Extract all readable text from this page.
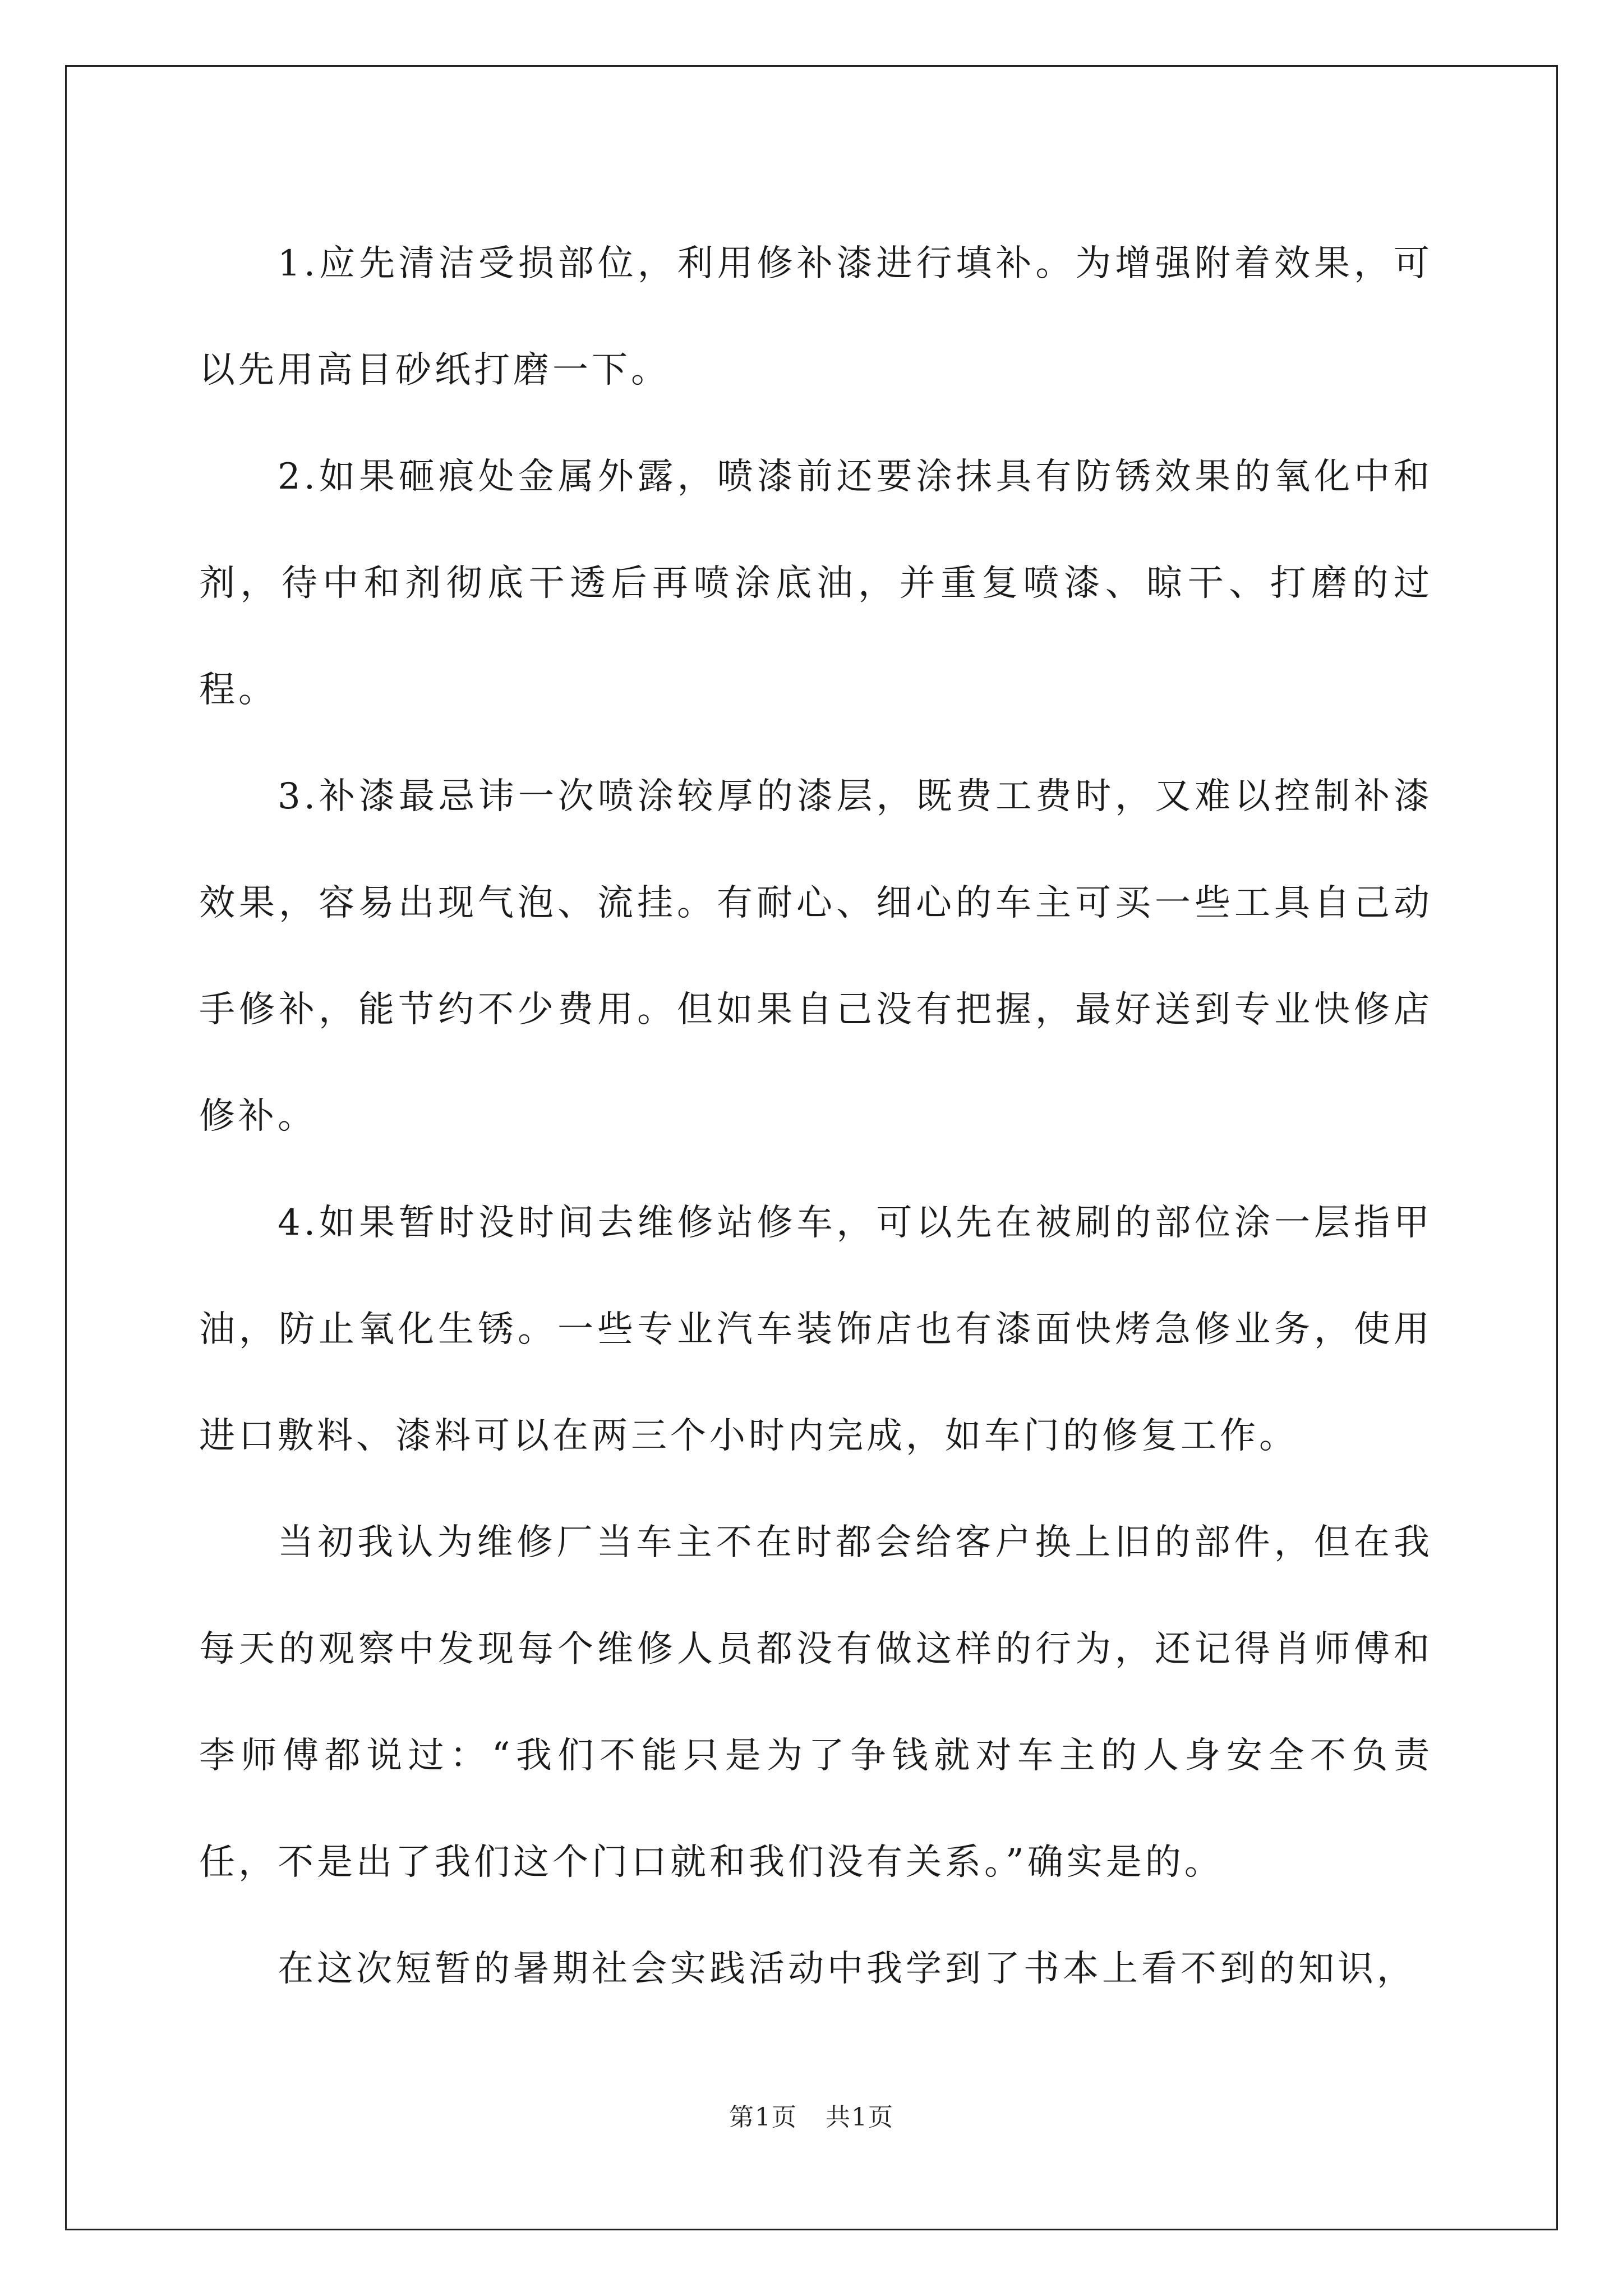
1.应先清洁受损部位，利用修补漆进行填补。为增强附着效果，可以先用高目砂纸打磨一下。

2.如果砸痕处金属外露，喷漆前还要涂抹具有防锈效果的氧化中和剂，待中和剂彻底干透后再喷涂底油，并重复喷漆、晾干、打磨的过程。

3.补漆最忌讳一次喷涂较厚的漆层，既费工费时，又难以控制补漆效果，容易出现气泡、流挂。有耐心、细心的车主可买一些工具自己动手修补，能节约不少费用。但如果自己没有把握，最好送到专业快修店修补。

4.如果暂时没时间去维修站修车，可以先在被刷的部位涂一层指甲油，防止氧化生锈。一些专业汽车装饰店也有漆面快烤急修业务，使用进口敷料、漆料可以在两三个小时内完成，如车门的修复工作。

当初我认为维修厂当车主不在时都会给客户换上旧的部件，但在我每天的观察中发现每个维修人员都没有做这样的行为，还记得肖师傅和李师傅都说过：“我们不能只是为了争钱就对车主的人身安全不负责任，不是出了我们这个门口就和我们没有关系。”确实是的。

在这次短暂的暑期社会实践活动中我学到了书本上看不到的知识，

第1页 共1页
